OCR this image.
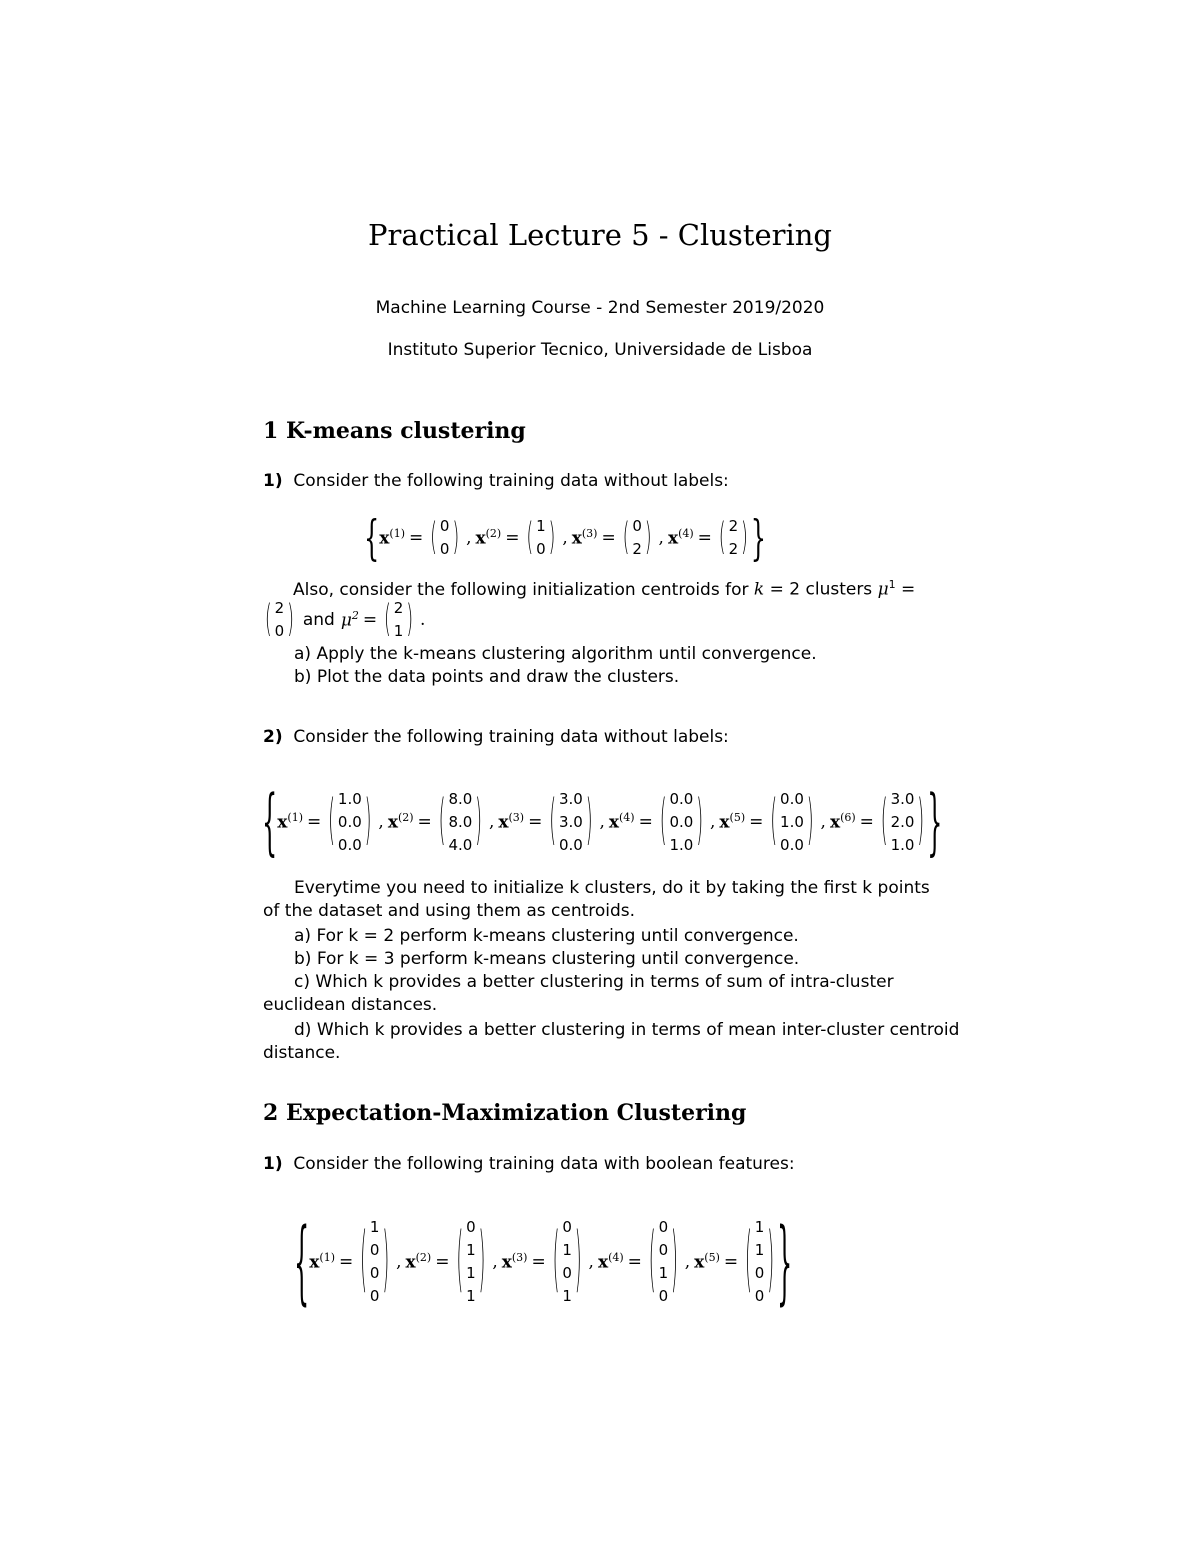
Practical Lecture 5 - Clustering
Machine Learning Course - 2nd Semester 2019/2020
Instituto Superior Tecnico, Universidade de Lisboa
1 K-means clustering
1) Consider the following training data without labels:
{ $x^{(1)}$ = ( 0
0 ) , $x^{(2)}$ = ( 1
0 ) , $x^{(3)}$ = ( 0
2 ) , $x^{(4)}$ = ( 2
2 ) }
Also, consider the following initialization centroids for k = 2 clusters $\mu^1$ =
( 2
0 ) and $\mu^2$ = ( 2
1 ) .
a) Apply the k-means clustering algorithm until convergence.
b) Plot the data points and draw the clusters.
2) Consider the following training data without labels:
{ $x^{(1)}$ = ( 1.0
0.0
0.0 ) , $x^{(2)}$ = ( 8.0
8.0
4.0 ) , $x^{(3)}$ = ( 3.0
3.0
0.0 ) , $x^{(4)}$ = ( 0.0
0.0
1.0 ) , $x^{(5)}$ = ( 0.0
1.0
0.0 ) , $x^{(6)}$ = ( 3.0
2.0
1.0 ) }
Everytime you need to initialize k clusters, do it by taking the first k points
of the dataset and using them as centroids.
a) For k = 2 perform k-means clustering until convergence.
b) For k = 3 perform k-means clustering until convergence.
c) Which k provides a better clustering in terms of sum of intra-cluster
euclidean distances.
d) Which k provides a better clustering in terms of mean inter-cluster centroid
distance.
2 Expectation-Maximization Clustering
1) Consider the following training data with boolean features:
{ $x^{(1)}$ = ( 1
0
0
0 ) , $x^{(2)}$ = ( 0
1
1
1 ) , $x^{(3)}$ = ( 0
1
0
1 ) , $x^{(4)}$ = ( 0
0
1
0 ) , $x^{(5)}$ = ( 1
1
0
0 ) }
